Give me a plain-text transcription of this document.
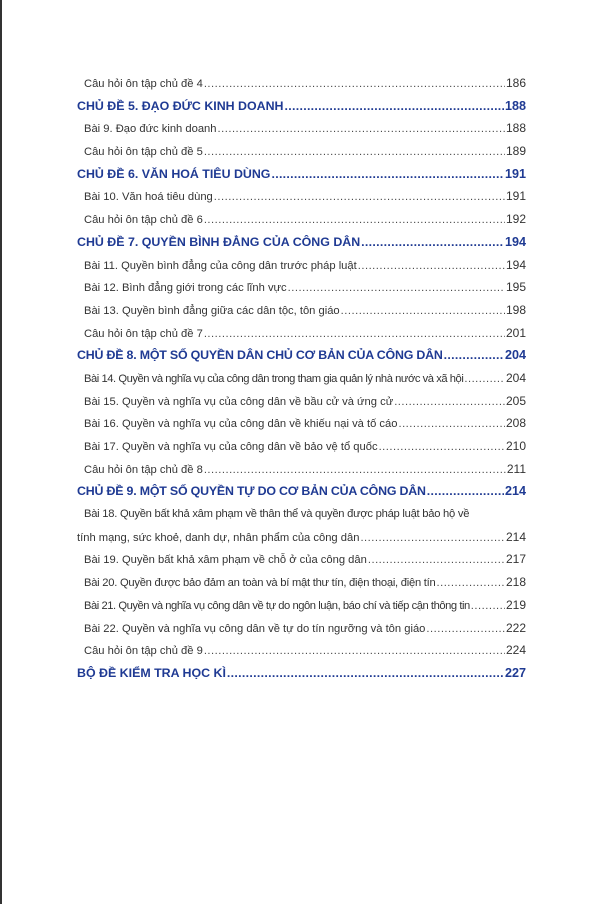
Câu hỏi ôn tập chủ đề 4 .....	186
CHỦ ĐỀ 5. ĐẠO ĐỨC KINH DOANH .....	188
Bài 9. Đạo đức kinh doanh .....	188
Câu hỏi ôn tập chủ đề 5 .....	189
CHỦ ĐỀ 6. VĂN HOÁ TIÊU DÙNG .....	191
Bài 10. Văn hoá tiêu dùng .....	191
Câu hỏi ôn tập chủ đề 6 .....	192
CHỦ ĐỀ 7. QUYỀN BÌNH ĐẲNG CỦA CÔNG DÂN .....	194
Bài 11. Quyền bình đẳng của công dân trước pháp luật .....	194
Bài 12. Bình đẳng giới trong các lĩnh vực .....	195
Bài 13. Quyền bình đẳng giữa các dân tộc, tôn giáo .....	198
Câu hỏi ôn tập chủ đề 7 .....	201
CHỦ ĐỀ 8. MỘT SỐ QUYỀN DÂN CHỦ CƠ BẢN CỦA CÔNG DÂN .....	204
Bài 14. Quyền và nghĩa vụ của công dân trong tham gia quản lý nhà nước và xã hội .....	204
Bài 15. Quyền và nghĩa vụ của công dân về bầu cử và ứng cử .....	205
Bài 16. Quyền và nghĩa vụ của công dân về khiếu nại và tố cáo .....	208
Bài 17. Quyền và nghĩa vụ của công dân về bảo vệ tổ quốc .....	210
Câu hỏi ôn tập chủ đề 8 .....	211
CHỦ ĐỀ 9. MỘT SỐ QUYỀN TỰ DO CƠ BẢN CỦA CÔNG DÂN .....	214
Bài 18. Quyền bất khả xâm phạm về thân thể và quyền được pháp luật bảo hộ về
tính mạng, sức khoẻ, danh dự, nhân phẩm của công dân .....	214
Bài 19. Quyền bất khả xâm phạm về chỗ ở của công dân .....	217
Bài 20. Quyền được bảo đảm an toàn và bí mật thư tín, điện thoại, điện tín .....	218
Bài 21. Quyền và nghĩa vụ công dân về tự do ngôn luận, báo chí và tiếp cận thông tin .....	219
Bài 22. Quyền và nghĩa vụ công dân về tự do tín ngưỡng và tôn giáo .....	222
Câu hỏi ôn tập chủ đề 9 .....	224
BỘ ĐỀ KIỂM TRA HỌC KÌ .....	227
